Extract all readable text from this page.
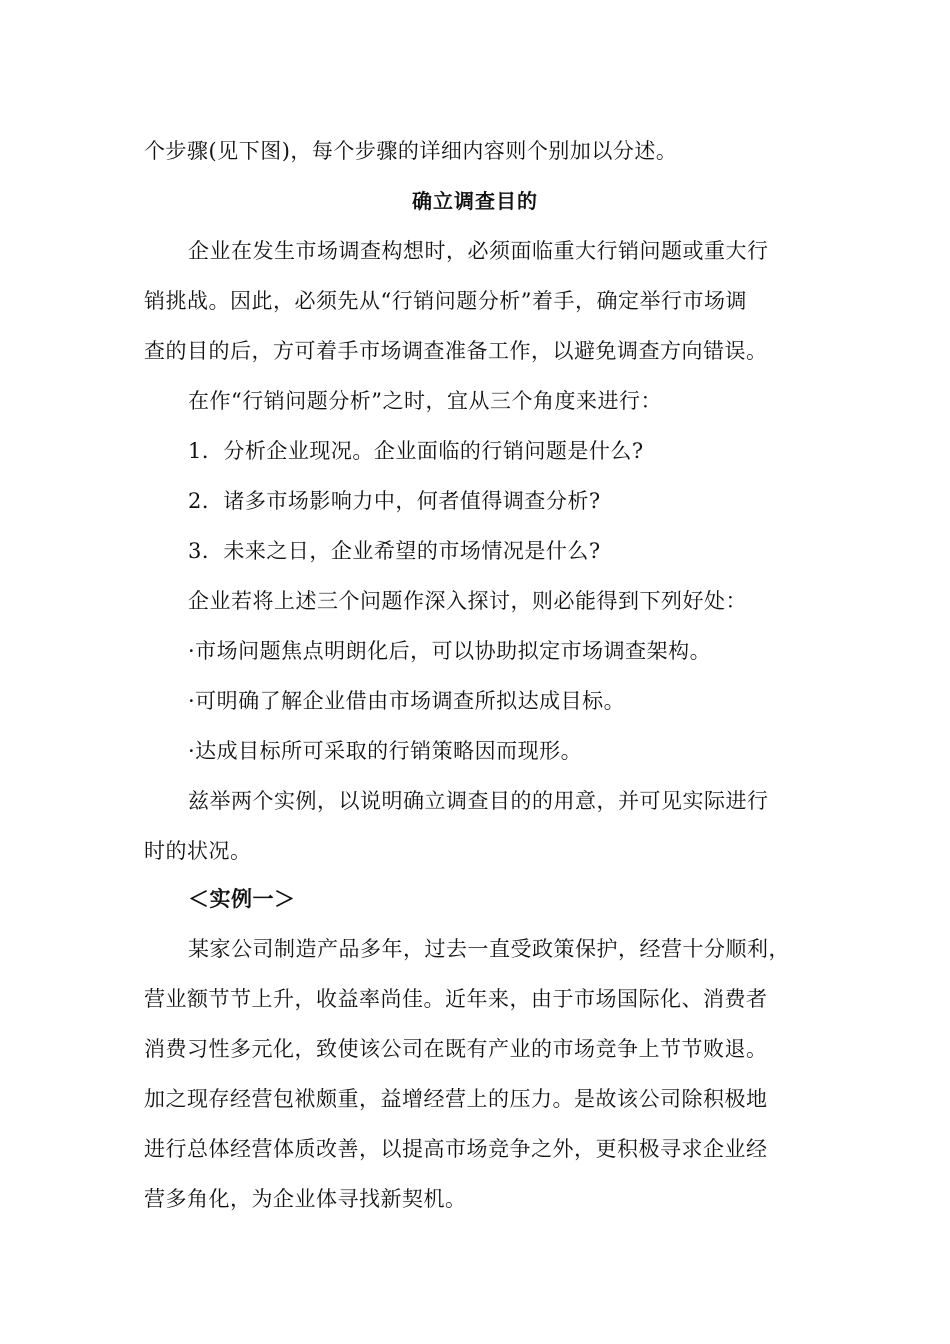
个步骤(见下图)，每个步骤的详细内容则个别加以分述。
确立调查目的
企业在发生市场调查构想时，必须面临重大行销问题或重大行
销挑战。因此，必须先从“行销问题分析”着手，确定举行市场调
查的目的后，方可着手市场调查准备工作，以避免调查方向错误。
在作“行销问题分析”之时，宜从三个角度来进行：
1．分析企业现况。企业面临的行销问题是什么?
2．诸多市场影响力中，何者值得调查分析?
3．未来之日，企业希望的市场情况是什么?
企业若将上述三个问题作深入探讨，则必能得到下列好处：
·市场问题焦点明朗化后，可以协助拟定市场调查架构。
·可明确了解企业借由市场调查所拟达成目标。
·达成目标所可采取的行销策略因而现形。
兹举两个实例，以说明确立调查目的的用意，并可见实际进行
时的状况。
＜实例一＞
某家公司制造产品多年，过去一直受政策保护，经营十分顺利，
营业额节节上升，收益率尚佳。近年来，由于市场国际化、消费者
消费习性多元化，致使该公司在既有产业的市场竞争上节节败退。
加之现存经营包袱颇重，益增经营上的压力。是故该公司除积极地
进行总体经营体质改善，以提高市场竞争之外，更积极寻求企业经
营多角化，为企业体寻找新契机。
